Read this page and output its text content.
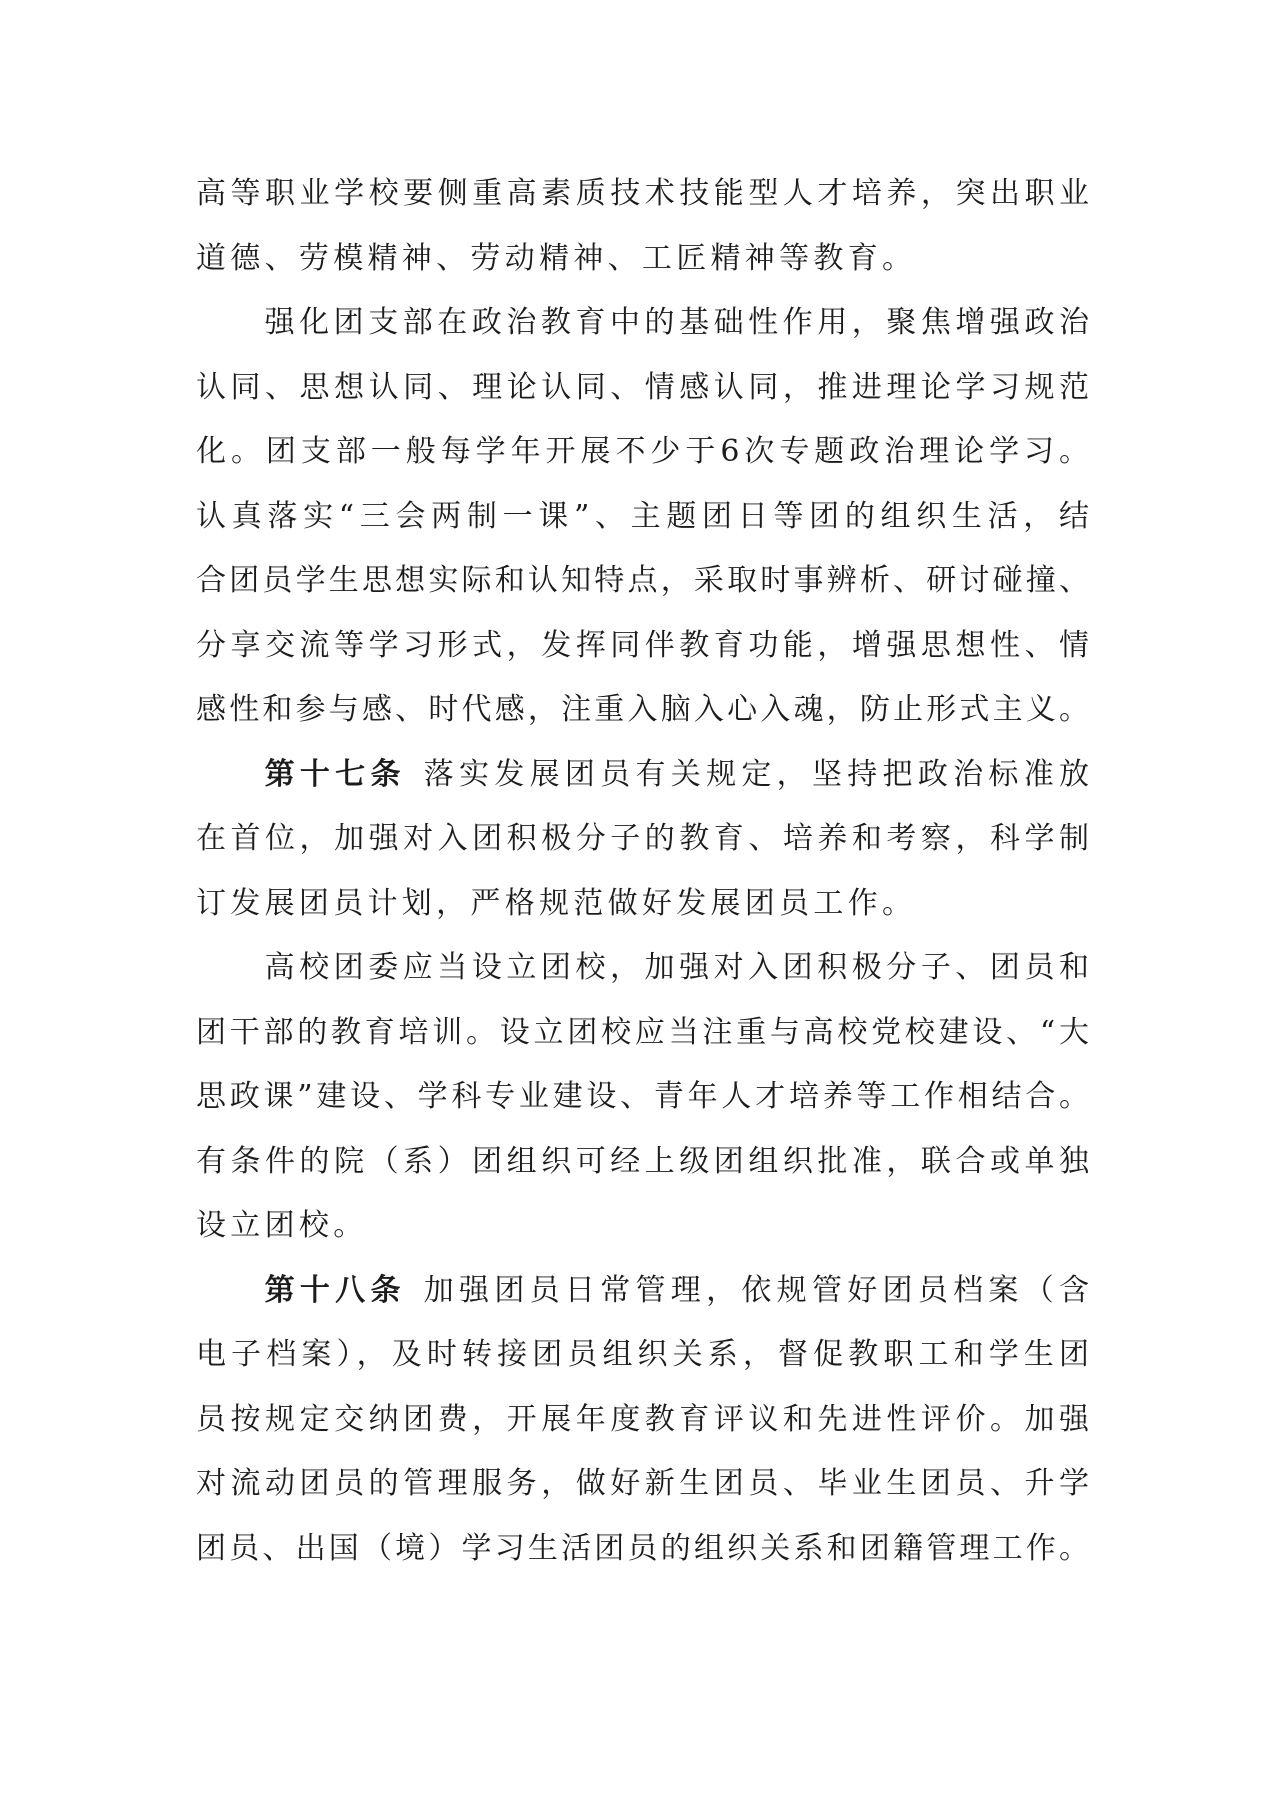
高等职业学校要侧重高素质技术技能型人才培养，突出职业
道德、劳模精神、劳动精神、工匠精神等教育。
强化团支部在政治教育中的基础性作用，聚焦增强政治
认同、思想认同、理论认同、情感认同，推进理论学习规范
化。团支部一般每学年开展不少于6次专题政治理论学习。
认真落实“三会两制一课”、主题团日等团的组织生活，结
合团员学生思想实际和认知特点，采取时事辨析、研讨碰撞、
分享交流等学习形式，发挥同伴教育功能，增强思想性、情
感性和参与感、时代感，注重入脑入心入魂，防止形式主义。
第十七条 落实发展团员有关规定，坚持把政治标准放
在首位，加强对入团积极分子的教育、培养和考察，科学制
订发展团员计划，严格规范做好发展团员工作。
高校团委应当设立团校，加强对入团积极分子、团员和
团干部的教育培训。设立团校应当注重与高校党校建设、“大
思政课”建设、学科专业建设、青年人才培养等工作相结合。
有条件的院（系）团组织可经上级团组织批准，联合或单独
设立团校。
第十八条 加强团员日常管理，依规管好团员档案（含
电子档案），及时转接团员组织关系，督促教职工和学生团
员按规定交纳团费，开展年度教育评议和先进性评价。加强
对流动团员的管理服务，做好新生团员、毕业生团员、升学
团员、出国（境）学习生活团员的组织关系和团籍管理工作。
